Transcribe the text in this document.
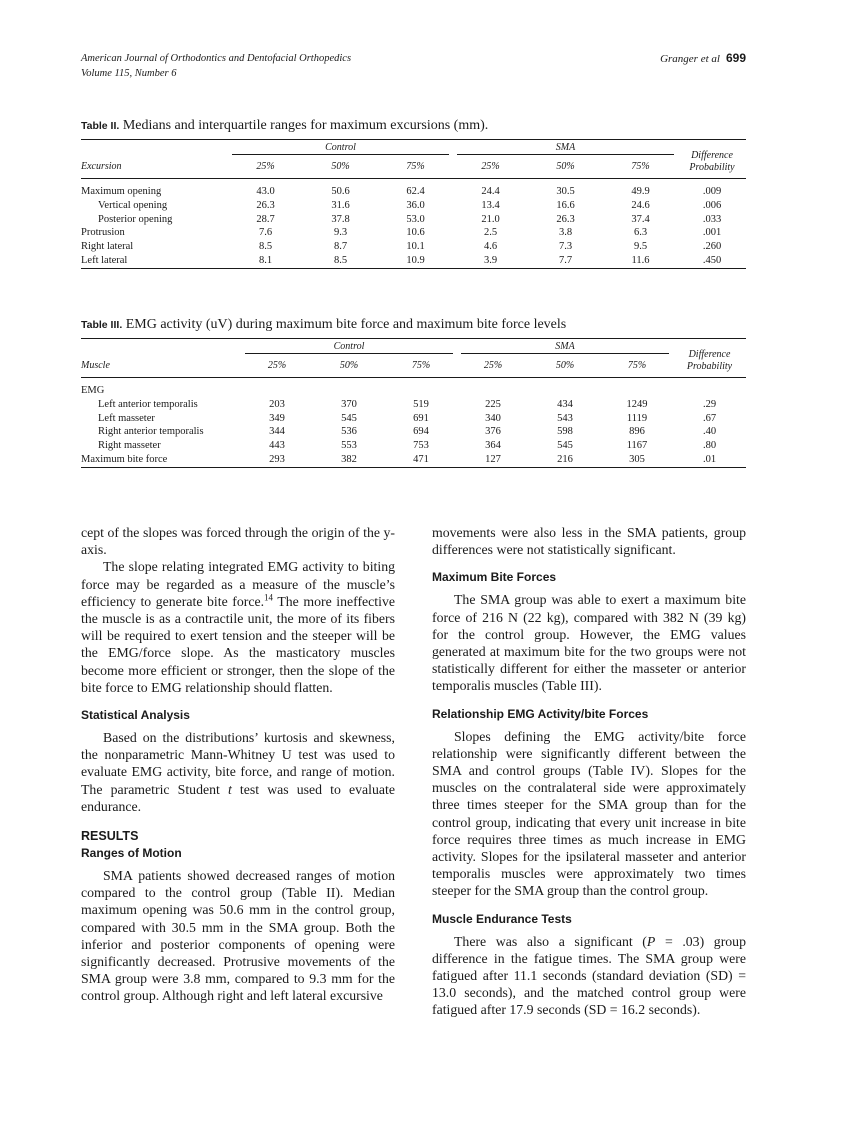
American Journal of Orthodontics and Dentofacial Orthopedics
Volume 115, Number 6
Granger et al 699
Table II. Medians and interquartile ranges for maximum excursions (mm).

	Control			SMA			Difference
Probability

Excursion	25%	50%	75%	25%	50%	75%	

Maximum opening	43.0	50.6	62.4	24.4	30.5	49.9	.009
Vertical opening	26.3	31.6	36.0	13.4	16.6	24.6	.006
Posterior opening	28.7	37.8	53.0	21.0	26.3	37.4	.033
Protrusion	7.6	9.3	10.6	2.5	3.8	6.3	.001
Right lateral	8.5	8.7	10.1	4.6	7.3	9.5	.260
Left lateral	8.1	8.5	10.9	3.9	7.7	11.6	.450
Table III. EMG activity (uV) during maximum bite force and maximum bite force levels

	Control			SMA			Difference
Probability

Muscle	25%	50%	75%	25%	50%	75%	

EMG							
Left anterior temporalis	203	370	519	225	434	1249	.29
Left masseter	349	545	691	340	543	1119	.67
Right anterior temporalis	344	536	694	376	598	896	.40
Right masseter	443	553	753	364	545	1167	.80
Maximum bite force	293	382	471	127	216	305	.01

cept of the slopes was forced through the origin of the y-axis.

The slope relating integrated EMG activity to biting force may be regarded as a measure of the muscle’s efficiency to generate bite force.$^{14}$ The more ineffective the muscle is as a contractile unit, the more of its fibers will be required to exert tension and the steeper will be the EMG/force slope. As the masticatory muscles become more efficient or stronger, then the slope of the bite force to EMG relationship should flatten.

Statistical Analysis

Based on the distributions’ kurtosis and skewness, the nonparametric Mann-Whitney U test was used to evaluate EMG activity, bite force, and range of motion. The parametric Student t test was used to evaluate endurance.

RESULTS
Ranges of Motion

SMA patients showed decreased ranges of motion compared to the control group (Table II). Median maximum opening was 50.6 mm in the control group, compared with 30.5 mm in the SMA group. Both the inferior and posterior components of opening were significantly decreased. Protrusive movements of the SMA group were 3.8 mm, compared to 9.3 mm for the control group. Although right and left lateral excursive

movements were also less in the SMA patients, group differences were not statistically significant.

Maximum Bite Forces

The SMA group was able to exert a maximum bite force of 216 N (22 kg), compared with 382 N (39 kg) for the control group. However, the EMG values generated at maximum bite for the two groups were not statistically different for either the masseter or anterior temporalis muscles (Table III).

Relationship EMG Activity/bite Forces

Slopes defining the EMG activity/bite force relationship were significantly different between the SMA and control groups (Table IV). Slopes for the muscles on the contralateral side were approximately three times steeper for the SMA group than for the control group, indicating that every unit increase in bite force requires three times as much increase in EMG activity. Slopes for the ipsilateral masseter and anterior temporalis muscles were approximately two times steeper for the SMA group than the control group.

Muscle Endurance Tests

There was also a significant (P = .03) group difference in the fatigue times. The SMA group were fatigued after 11.1 seconds (standard deviation (SD) = 13.0 seconds), and the matched control group were fatigued after 17.9 seconds (SD = 16.2 seconds).
